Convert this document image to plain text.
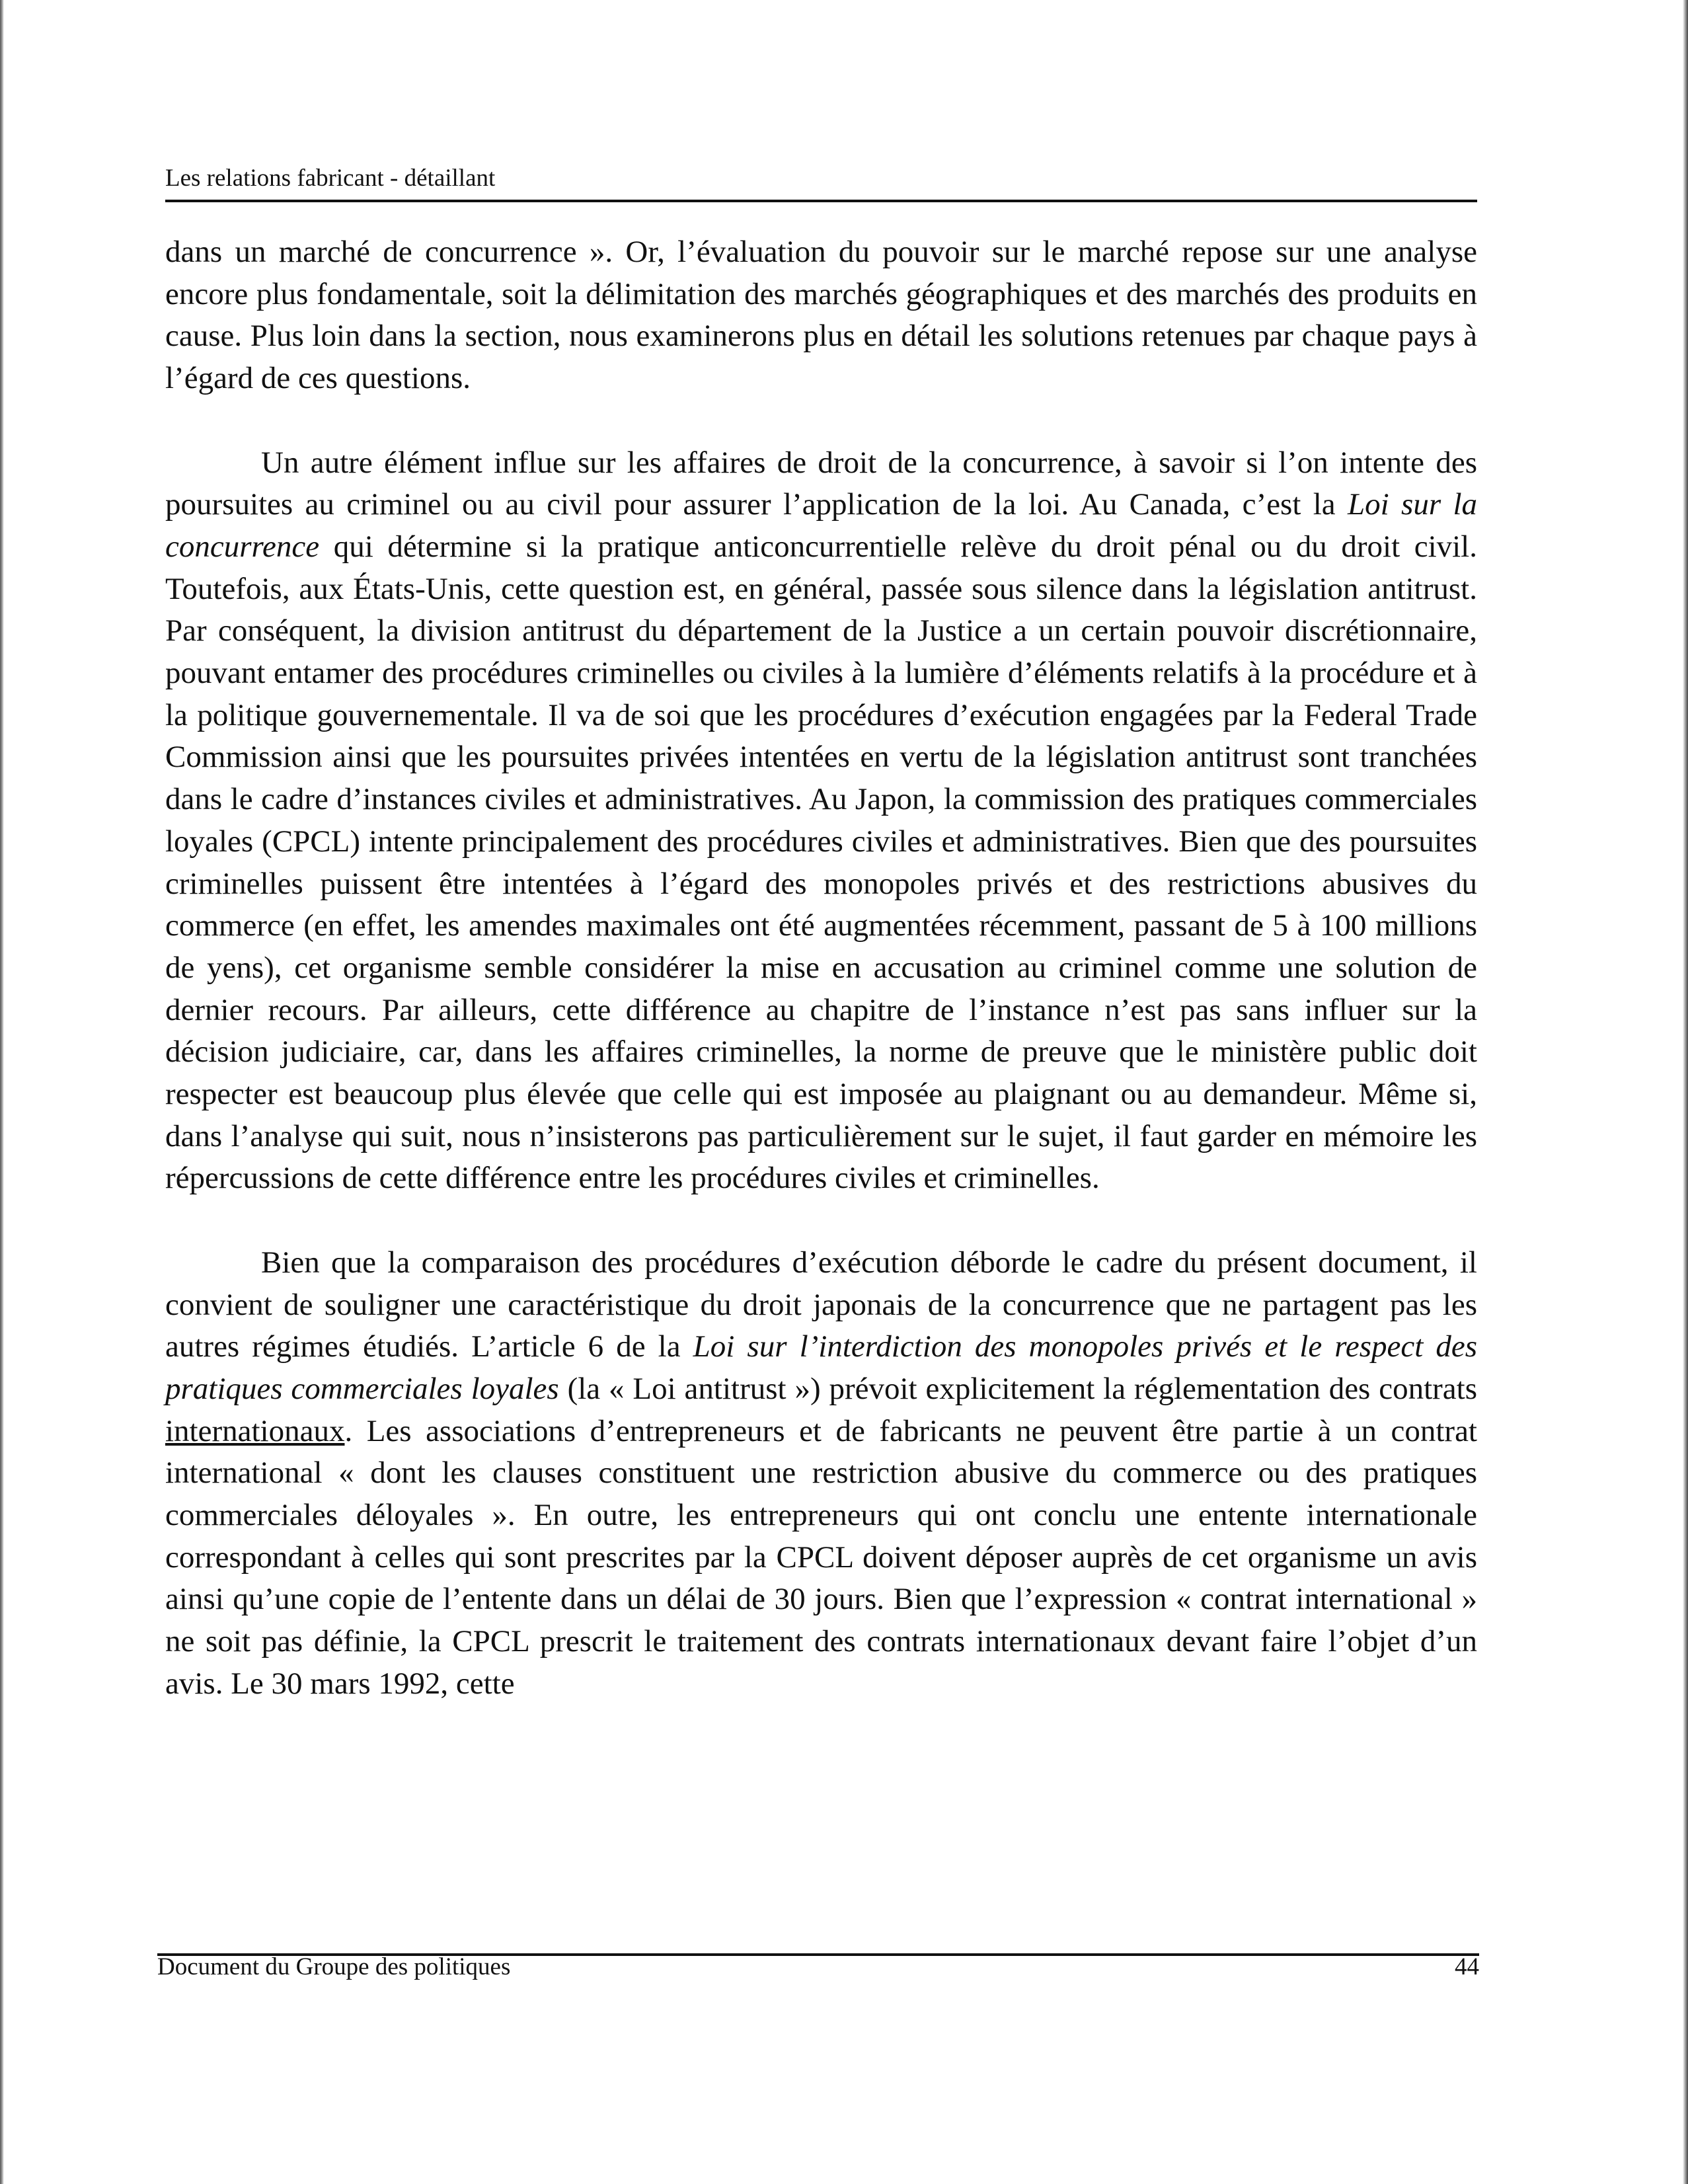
Les relations fabricant - détaillant

dans un marché de concurrence ». Or, l’évaluation du pouvoir sur le marché repose sur une analyse encore plus fondamentale, soit la délimitation des marchés géographiques et des marchés des produits en cause. Plus loin dans la section, nous examinerons plus en détail les solutions retenues par chaque pays à l’égard de ces questions.

Un autre élément influe sur les affaires de droit de la concurrence, à savoir si l’on intente des poursuites au criminel ou au civil pour assurer l’application de la loi. Au Canada, c’est la Loi sur la concurrence qui détermine si la pratique anticoncurrentielle relève du droit pénal ou du droit civil. Toutefois, aux États-Unis, cette question est, en général, passée sous silence dans la législation antitrust. Par conséquent, la division antitrust du département de la Justice a un certain pouvoir discrétionnaire, pouvant entamer des procédures criminelles ou civiles à la lumière d’éléments relatifs à la procédure et à la politique gouvernementale. Il va de soi que les procédures d’exécution engagées par la Federal Trade Commission ainsi que les poursuites privées intentées en vertu de la législation antitrust sont tranchées dans le cadre d’instances civiles et administratives. Au Japon, la commission des pratiques commerciales loyales (CPCL) intente principalement des procédures civiles et administratives. Bien que des poursuites criminelles puissent être intentées à l’égard des monopoles privés et des restrictions abusives du commerce (en effet, les amendes maximales ont été augmentées récemment, passant de 5 à 100 millions de yens), cet organisme semble considérer la mise en accusation au criminel comme une solution de dernier recours. Par ailleurs, cette différence au chapitre de l’instance n’est pas sans influer sur la décision judiciaire, car, dans les affaires criminelles, la norme de preuve que le ministère public doit respecter est beaucoup plus élevée que celle qui est imposée au plaignant ou au demandeur. Même si, dans l’analyse qui suit, nous n’insisterons pas particulièrement sur le sujet, il faut garder en mémoire les répercussions de cette différence entre les procédures civiles et criminelles.

Bien que la comparaison des procédures d’exécution déborde le cadre du présent document, il convient de souligner une caractéristique du droit japonais de la concurrence que ne partagent pas les autres régimes étudiés. L’article 6 de la Loi sur l’interdiction des monopoles privés et le respect des pratiques commerciales loyales (la « Loi antitrust ») prévoit explicitement la réglementation des contrats internationaux. Les associations d’entrepreneurs et de fabricants ne peuvent être partie à un contrat international « dont les clauses constituent une restriction abusive du commerce ou des pratiques commerciales déloyales ». En outre, les entrepreneurs qui ont conclu une entente internationale correspondant à celles qui sont prescrites par la CPCL doivent déposer auprès de cet organisme un avis ainsi qu’une copie de l’entente dans un délai de 30 jours. Bien que l’expression « contrat international » ne soit pas définie, la CPCL prescrit le traitement des contrats internationaux devant faire l’objet d’un avis. Le 30 mars 1992, cette

Document du Groupe des politiques	44
